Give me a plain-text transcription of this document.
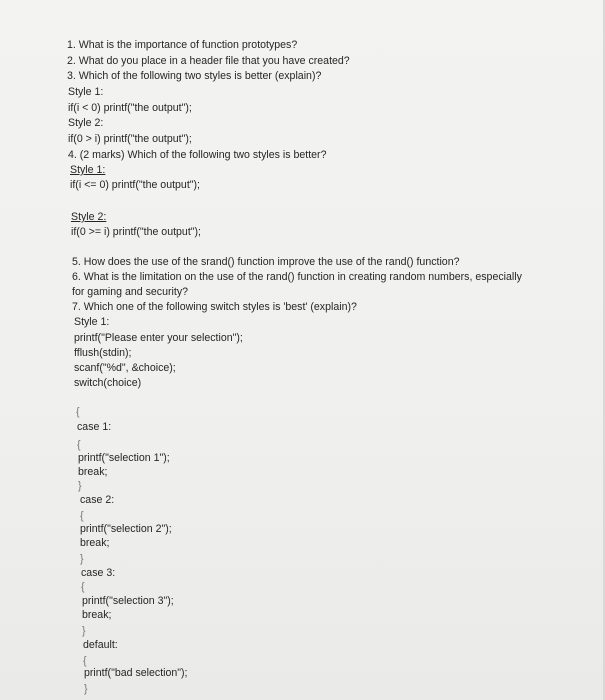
1. What is the importance of function prototypes?
2. What do you place in a header file that you have created?
3. Which of the following two styles is better (explain)?
Style 1:
if(i < 0) printf("the output");
Style 2:
if(0 > i) printf("the output");
4. (2 marks) Which of the following two styles is better?
Style 1:
if(i <= 0) printf("the output");
Style 2:
if(0 >= i) printf("the output");
5. How does the use of the srand() function improve the use of the rand() function?
6. What is the limitation on the use of the rand() function in creating random numbers, especially
for gaming and security?
7. Which one of the following switch styles is 'best' (explain)?
Style 1:
printf("Please enter your selection");
fflush(stdin);
scanf("%d", &choice);
switch(choice)
{
case 1:
{
printf("selection 1");
break;
}
case 2:
{
printf("selection 2");
break;
}
case 3:
{
printf("selection 3");
break;
}
default:
{
printf("bad selection");
}
